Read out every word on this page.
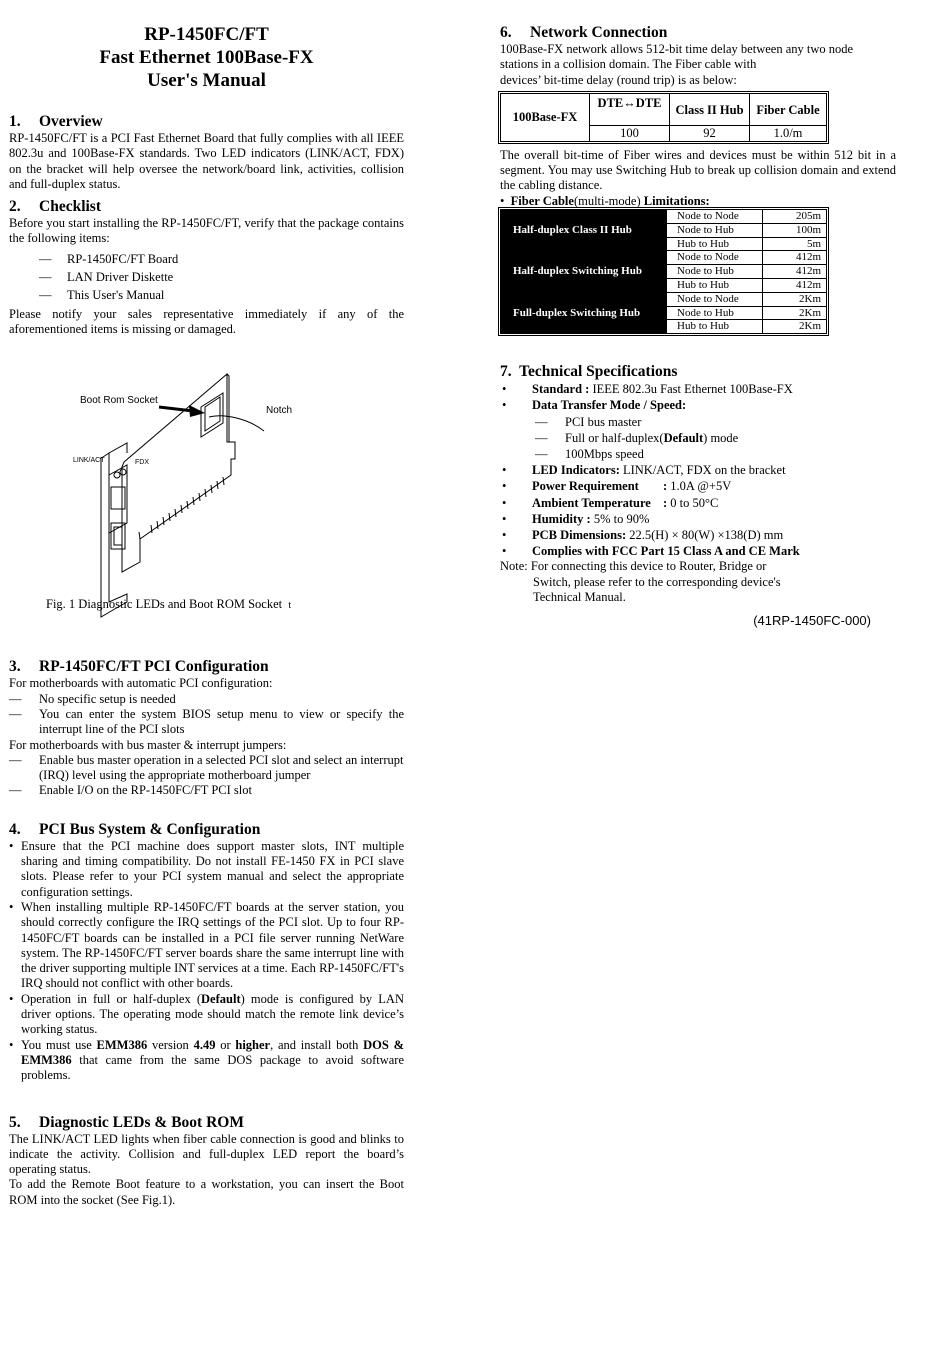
RP-1450FC/FT
Fast Ethernet 100Base-FX
User's Manual
1. Overview

RP-1450FC/FT is a PCI Fast Ethernet Board that fully complies with all IEEE 802.3u and 100Base-FX standards. Two LED indicators (LINK/ACT, FDX) on the bracket will help oversee the network/board link, activities, collision and full-duplex status.

2. Checklist

Before you start installing the RP-1450FC/FT, verify that the package contains the following items:

—	RP-1450FC/FT Board
—	LAN Driver Diskette
—	This User's Manual

Please notify your sales representative immediately if any of the aforementioned items is missing or damaged.

Boot Rom Socket
Notch
LINK/ACT	FDX
Fig. 1 Diagnostic LEDs and Boot ROM Socket t
3. RP-1450FC/FT PCI Configuration

For motherboards with automatic PCI configuration:

—	No specific setup is needed
—	You can enter the system BIOS setup menu to view or specify the interrupt line of the PCI slots

For motherboards with bus master & interrupt jumpers:

—	Enable bus master operation in a selected PCI slot and select an interrupt (IRQ) level using the appropriate motherboard jumper
—	Enable I/O on the RP-1450FC/FT PCI slot
4. PCI Bus System & Configuration
• Ensure that the PCI machine does support master slots, INT multiple sharing and timing compatibility. Do not install FE-1450 FX in PCI slave slots. Please refer to your PCI system manual and select the appropriate configuration settings.
• When installing multiple RP-1450FC/FT boards at the server station, you should correctly configure the IRQ settings of the PCI slot. Up to four RP-1450FC/FT boards can be installed in a PCI file server running NetWare system. The RP-1450FC/FT server boards share the same interrupt line with the driver supporting multiple INT services at a time. Each RP-1450FC/FT's IRQ should not conflict with other boards.
• Operation in full or half-duplex (Default) mode is configured by LAN driver options. The operating mode should match the remote link device’s working status.
• You must use EMM386 version 4.49 or higher, and install both DOS & EMM386 that came from the same DOS package to avoid software problems.
5. Diagnostic LEDs & Boot ROM

The LINK/ACT LED lights when fiber cable connection is good and blinks to indicate the activity. Collision and full-duplex LED report the board’s operating status.

To add the Remote Boot feature to a workstation, you can insert the Boot ROM into the socket (See Fig.1).

6. Network Connection
100Base-FX network allows 512-bit time delay between any two node
stations in a collision domain. The Fiber cable with
devices’ bit-time delay (round trip) is as below:
100Base-FX	DTE↔DTE	Class II Hub	Fiber Cable
	100	92	1.0/m

The overall bit-time of Fiber wires and devices must be within 512 bit in a segment. You may use Switching Hub to break up collision domain and extend the cabling distance.

•  Fiber Cable(multi-mode) Limitations:
Half-duplex Class II Hub	Node to Node	205m
	Node to Hub	100m
	Hub to Hub	5m
Half-duplex Switching Hub	Node to Node	412m
	Node to Hub	412m
	Hub to Hub	412m
Full-duplex Switching Hub	Node to Node	2Km
	Node to Hub	2Km
	Hub to Hub	2Km
7. Technical Specifications
•	Standard : IEEE 802.3u Fast Ethernet 100Base-FX
•	Data Transfer Mode / Speed:
—	PCI bus master
—	Full or half-duplex(Default) mode
—	100Mbps speed
•	LED Indicators: LINK/ACT, FDX on the bracket
•	Power Requirement : 1.0A @+5V
•	Ambient Temperature : 0 to 50°C
•	Humidity : 5% to 90%
•	PCB Dimensions: 22.5(H) × 80(W) ×138(D) mm
•	Complies with FCC Part 15 Class A and CE Mark
Note: For connecting this device to Router, Bridge or
Switch, please refer to the corresponding device's
Technical Manual.
(41RP-1450FC-000)
